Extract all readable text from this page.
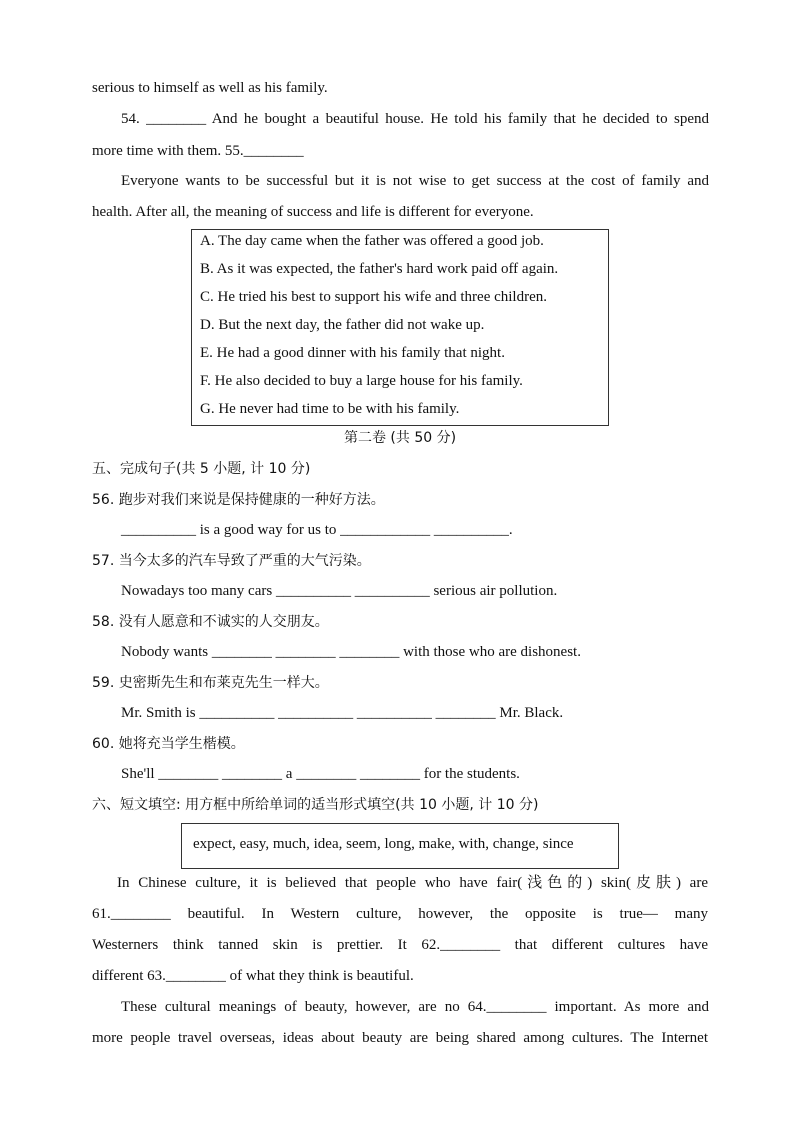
serious to himself as well as his family.
54. ________ And he bought a beautiful house. He told his family that he decided to spend
more time with them. 55.________
Everyone wants to be successful but it is not wise to get success at the cost of family and
health. After all, the meaning of success and life is different for everyone.
A. The day came when the father was offered a good job.
B. As it was expected, the father's hard work paid off again.
C. He tried his best to support his wife and three children.
D. But the next day, the father did not wake up.
E. He had a good dinner with his family that night.
F. He also decided to buy a large house for his family.
G. He never had time to be with his family.
第二卷 (共 50 分)
五、完成句子(共 5 小题, 计 10 分)
56. 跑步对我们来说是保持健康的一种好方法。
__________ is a good way for us to ____________ __________.
57. 当今太多的汽车导致了严重的大气污染。
Nowadays too many cars __________ __________ serious air pollution.
58. 没有人愿意和不诚实的人交朋友。
Nobody wants ________ ________ ________ with those who are dishonest.
59. 史密斯先生和布莱克先生一样大。
Mr. Smith is __________ __________ __________ ________ Mr. Black.
60. 她将充当学生楷模。
She'll ________ ________ a ________ ________ for the students.
六、短文填空: 用方框中所给单词的适当形式填空(共 10 小题, 计 10 分)
expect, easy, much, idea, seem, long, make, with, change, since
In Chinese culture, it is believed that people who have fair(浅色的) skin(皮肤) are
61.________ beautiful. In Western culture, however, the opposite is true— many
Westerners think tanned skin is prettier. It 62.________ that different cultures have
different 63.________ of what they think is beautiful.
These cultural meanings of beauty, however, are no 64.________ important. As more and
more people travel overseas, ideas about beauty are being shared among cultures. The Internet
